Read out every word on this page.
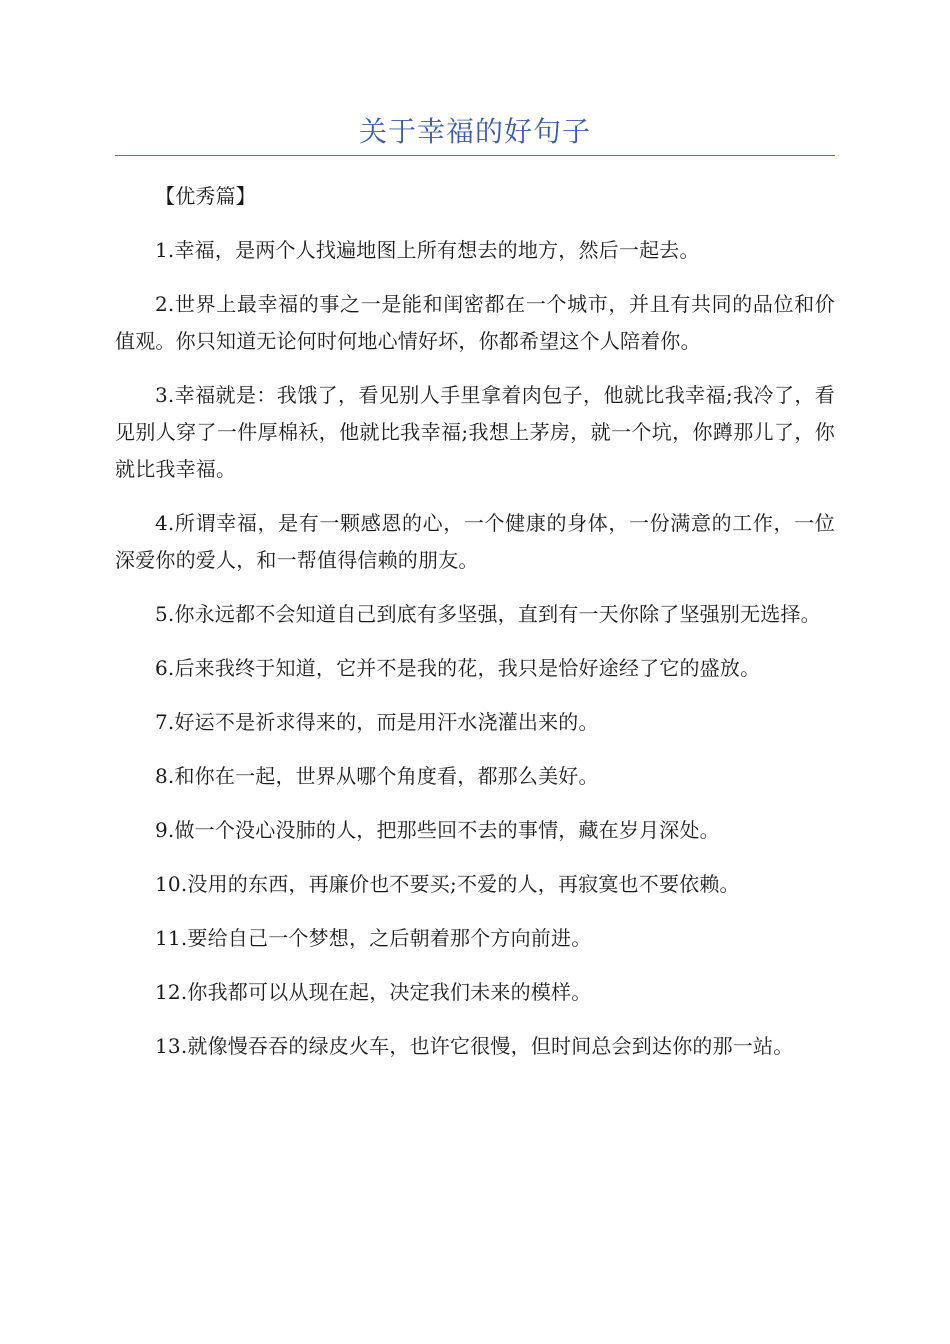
关于幸福的好句子

【优秀篇】

1.幸福，是两个人找遍地图上所有想去的地方，然后一起去。

2.世界上最幸福的事之一是能和闺密都在一个城市，并且有共同的品位和价值观。你只知道无论何时何地心情好坏，你都希望这个人陪着你。

3.幸福就是：我饿了，看见别人手里拿着肉包子，他就比我幸福;我冷了，看见别人穿了一件厚棉袄，他就比我幸福;我想上茅房，就一个坑，你蹲那儿了，你就比我幸福。

4.所谓幸福，是有一颗感恩的心，一个健康的身体，一份满意的工作，一位深爱你的爱人，和一帮值得信赖的朋友。

5.你永远都不会知道自己到底有多坚强，直到有一天你除了坚强别无选择。

6.后来我终于知道，它并不是我的花，我只是恰好途经了它的盛放。

7.好运不是祈求得来的，而是用汗水浇灌出来的。

8.和你在一起，世界从哪个角度看，都那么美好。

9.做一个没心没肺的人，把那些回不去的事情，藏在岁月深处。

10.没用的东西，再廉价也不要买;不爱的人，再寂寞也不要依赖。

11.要给自己一个梦想，之后朝着那个方向前进。

12.你我都可以从现在起，决定我们未来的模样。

13.就像慢吞吞的绿皮火车，也许它很慢，但时间总会到达你的那一站。
